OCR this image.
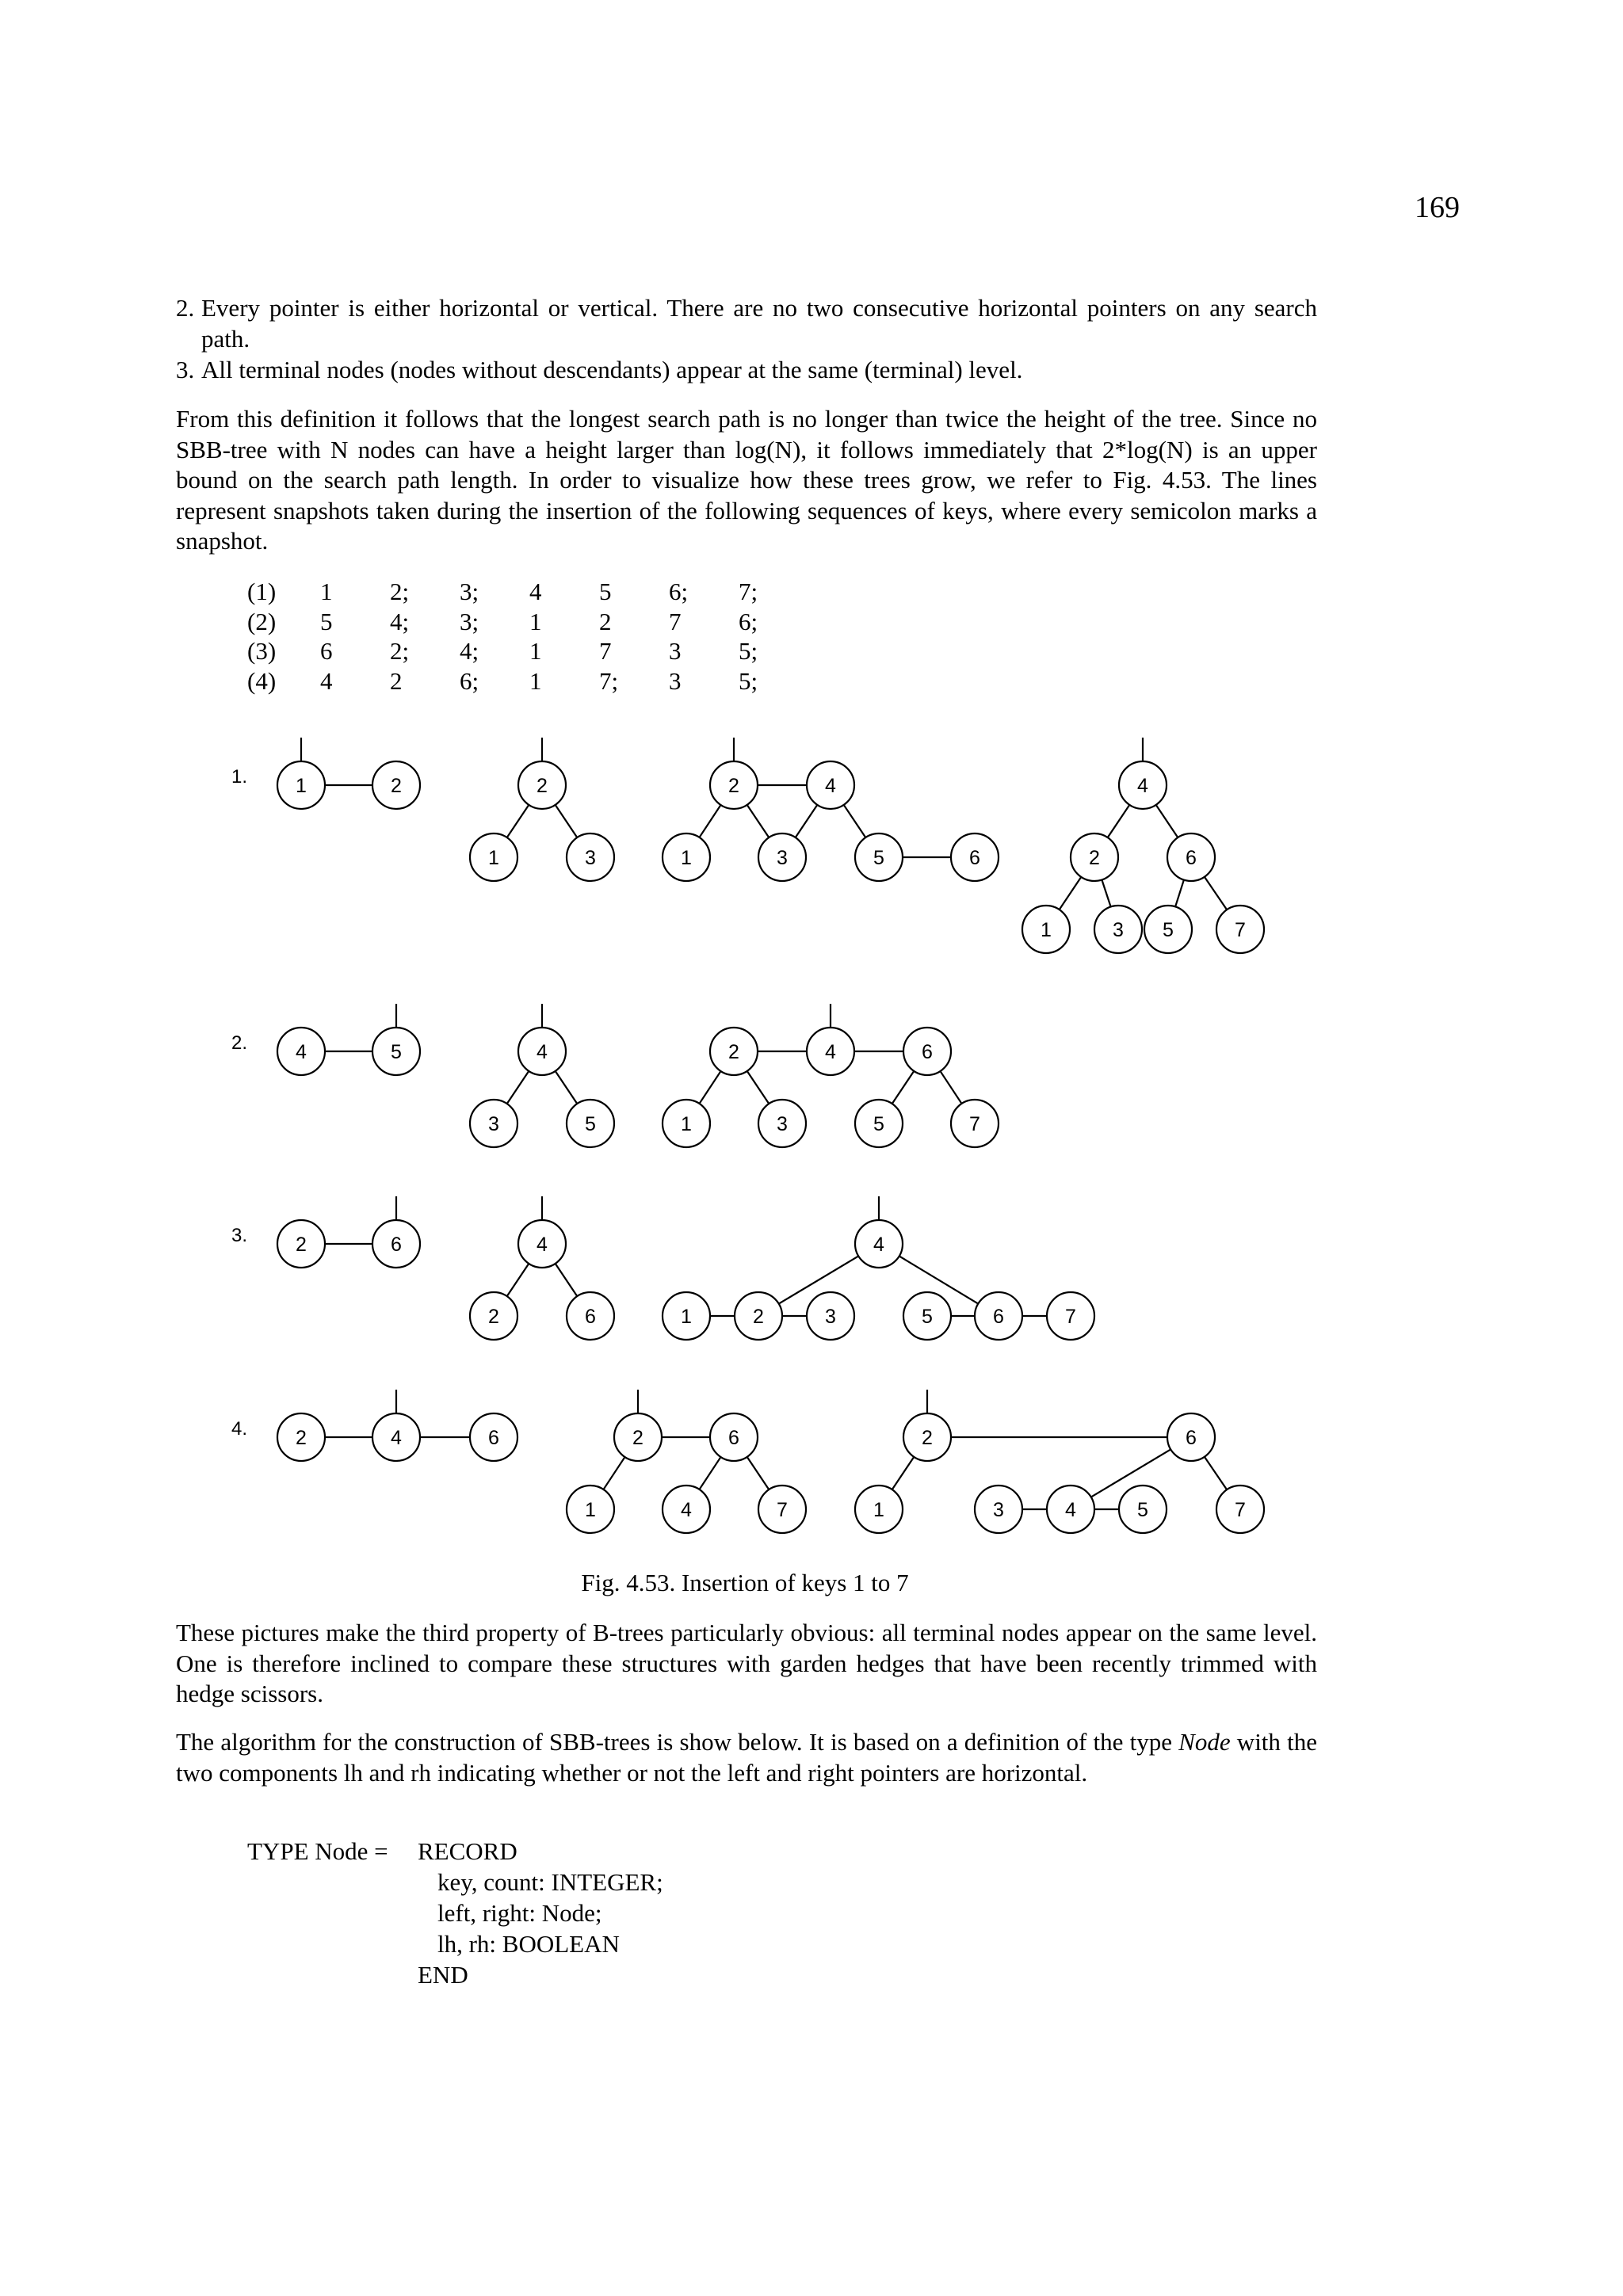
169
2. Every pointer is either horizontal or vertical. There are no two consecutive horizontal pointers on any search path.
3. All terminal nodes (nodes without descendants) appear at the same (terminal) level.
From this definition it follows that the longest search path is no longer than twice the height of the tree. Since no SBB-tree with N nodes can have a height larger than log(N), it follows immediately that 2*log(N) is an upper bound on the search path length. In order to visualize how these trees grow, we refer to Fig. 4.53. The lines represent snapshots taken during the insertion of the following sequences of keys, where every semicolon marks a snapshot.
(1)	1	2;	3;	4	5	6;	7;
(2)	5	4;	3;	1	2	7	6;
(3)	6	2;	4;	1	7	3	5;
(4)	4	2	6;	1	7;	3	5;
1	2	2
1	3
2	4
1	3	5	6
4
2	6
1	3 5	7
4	5	4
3	5
2	4	6
1	3	5	7
2	6	4
2	6
4
1	2	3	5	6	7
2	4	6	2	6
1	4	7
2	6
1	3	4	5	7
1.
2.
3.
4.
Fig. 4.53. Insertion of keys 1 to 7
These pictures make the third property of B-trees particularly obvious: all terminal nodes appear on the same level. One is therefore inclined to compare these structures with garden hedges that have been recently trimmed with hedge scissors.
The algorithm for the construction of SBB-trees is show below. It is based on a definition of the type Node with the two components lh and rh indicating whether or not the left and right pointers are horizontal.
TYPE Node = RECORD
key, count: INTEGER;
left, right: Node;
lh, rh: BOOLEAN
END
